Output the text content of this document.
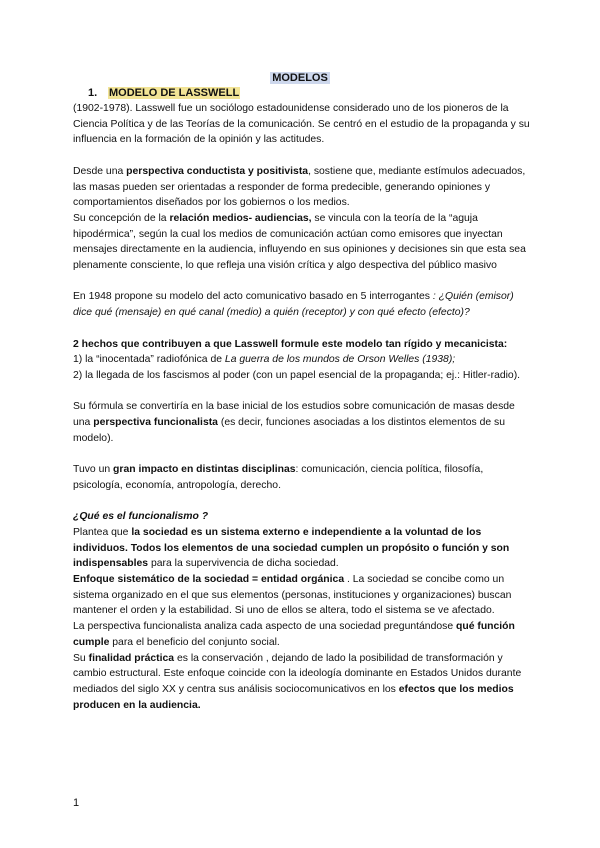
MODELOS
1. MODELO DE LASSWELL

(1902-1978). Lasswell fue un sociólogo estadounidense considerado uno de los pioneros de la Ciencia Política y de las Teorías de la comunicación. Se centró en el estudio de la propaganda y su influencia en la formación de la opinión y las actitudes.

Desde una perspectiva conductista y positivista, sostiene que, mediante estímulos adecuados, las masas pueden ser orientadas a responder de forma predecible, generando opiniones y comportamientos diseñados por los gobiernos o los medios.

Su concepción de la relación medios- audiencias, se vincula con la teoría de la “aguja hipodérmica”, según la cual los medios de comunicación actúan como emisores que inyectan mensajes directamente en la audiencia, influyendo en sus opiniones y decisiones sin que esta sea plenamente consciente, lo que refleja una visión crítica y algo despectiva del público masivo

En 1948 propone su modelo del acto comunicativo basado en 5 interrogantes : ¿Quién (emisor) dice qué (mensaje) en qué canal (medio) a quién (receptor) y con qué efecto (efecto)?

2 hechos que contribuyen a que Lasswell formule este modelo tan rígido y mecanicista:

1) la “inocentada” radiofónica de La guerra de los mundos de Orson Welles (1938);

2) la llegada de los fascismos al poder (con un papel esencial de la propaganda; ej.: Hitler-radio).

Su fórmula se convertiría en la base inicial de los estudios sobre comunicación de masas desde una perspectiva funcionalista (es decir, funciones asociadas a los distintos elementos de su modelo).

Tuvo un gran impacto en distintas disciplinas: comunicación, ciencia política, filosofía, psicología, economía, antropología, derecho.

¿Qué es el funcionalismo ?

Plantea que la sociedad es un sistema externo e independiente a la voluntad de los individuos. Todos los elementos de una sociedad cumplen un propósito o función y son indispensables para la supervivencia de dicha sociedad.

Enfoque sistemático de la sociedad = entidad orgánica . La sociedad se concibe como un sistema organizado en el que sus elementos (personas, instituciones y organizaciones) buscan mantener el orden y la estabilidad. Si uno de ellos se altera, todo el sistema se ve afectado.

La perspectiva funcionalista analiza cada aspecto de una sociedad preguntándose qué función cumple para el beneficio del conjunto social.

Su finalidad práctica es la conservación , dejando de lado la posibilidad de transformación y cambio estructural. Este enfoque coincide con la ideología dominante en Estados Unidos durante mediados del siglo XX y centra sus análisis sociocomunicativos en los efectos que los medios producen en la audiencia.

1
